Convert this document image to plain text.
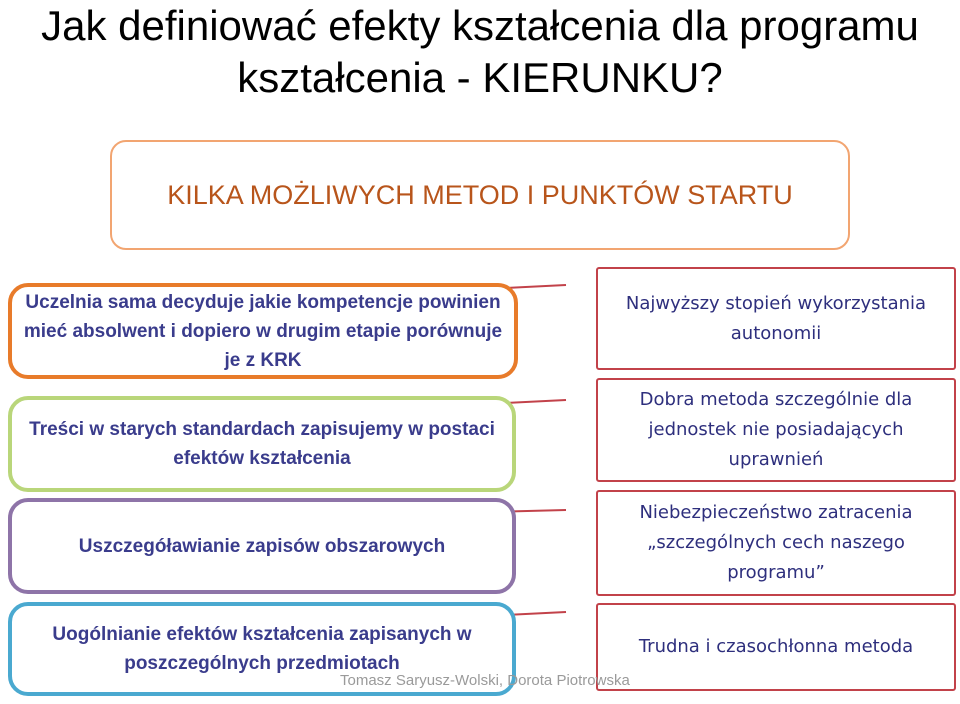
Jak definiować efekty kształcenia dla programu kształcenia - KIERUNKU?
KILKA MOŻLIWYCH METOD I PUNKTÓW STARTU
Uczelnia sama decyduje jakie kompetencje powinien mieć absolwent i dopiero w drugim etapie porównuje je z KRK
Treści w starych standardach zapisujemy w postaci efektów kształcenia
Uszczegóławianie zapisów obszarowych
Uogólnianie efektów kształcenia zapisanych w poszczególnych przedmiotach
Najwyższy stopień wykorzystania autonomii
Dobra metoda szczególnie dla jednostek nie posiadających uprawnień
Niebezpieczeństwo zatracenia „szczególnych cech naszego programu”
Trudna i czasochłonna metoda
Tomasz Saryusz-Wolski, Dorota Piotrowska
